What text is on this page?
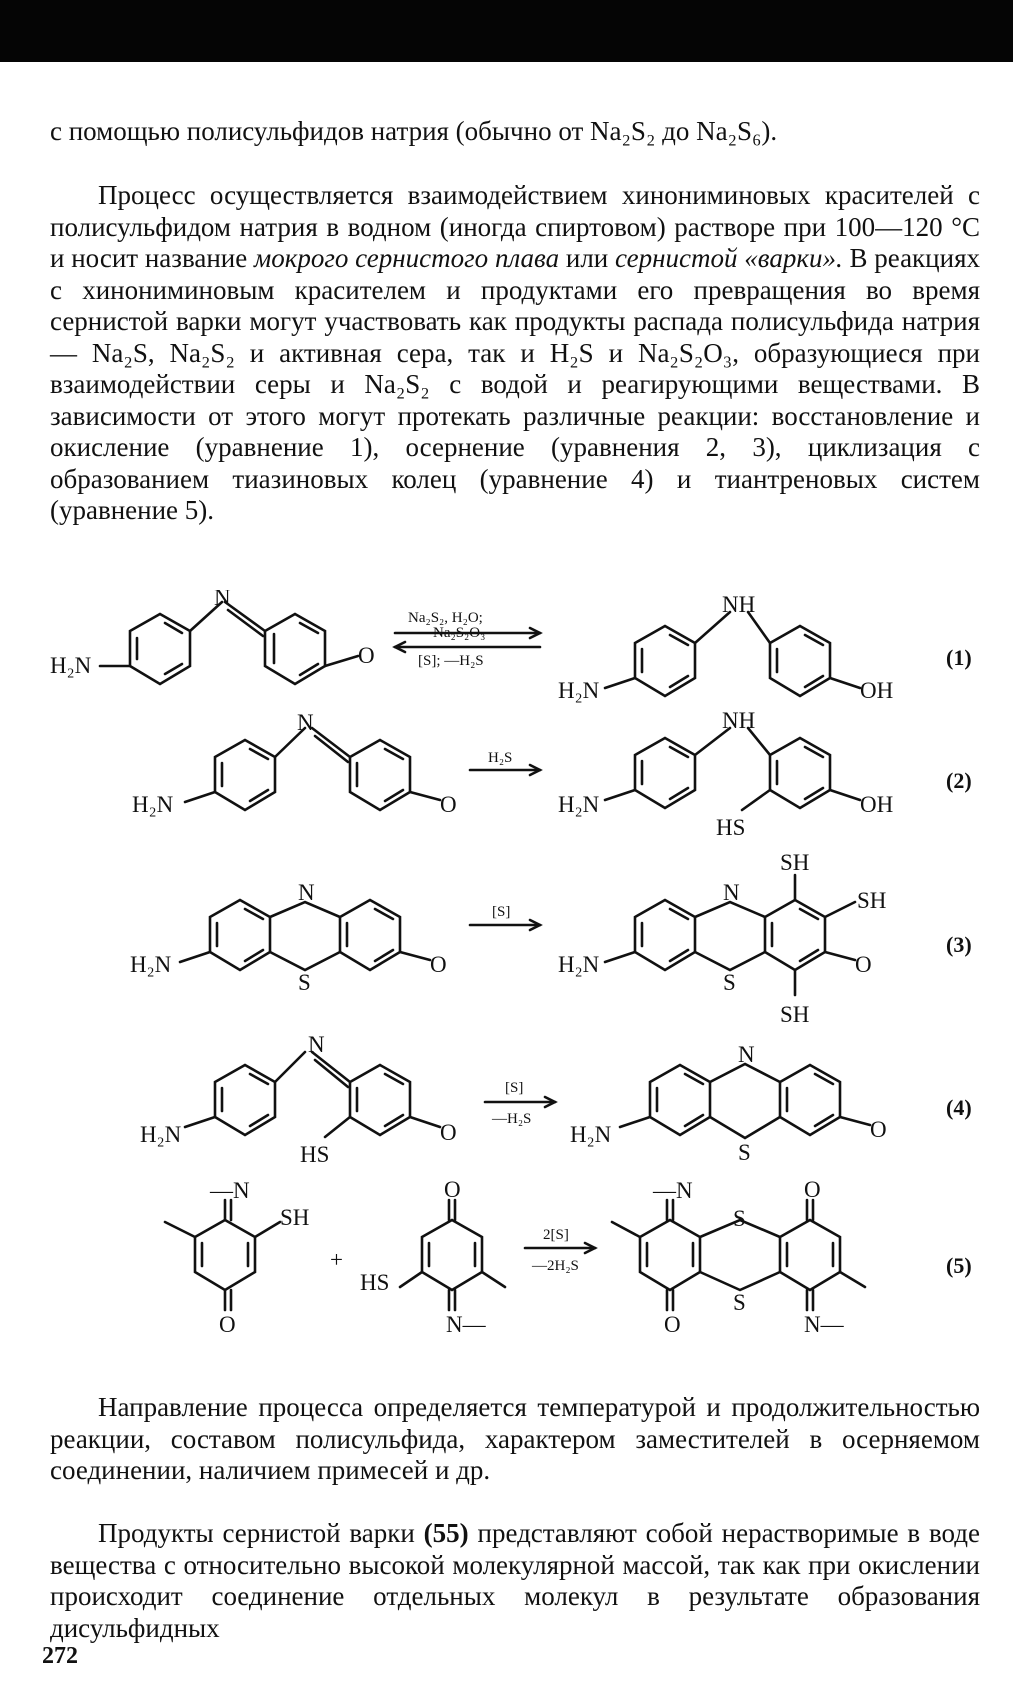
с помощью полисульфидов натрия (обычно от Na₂S₂ до Na₂S₆).

Процесс осуществляется взаимодействием хинониминовых красителей с полисульфидом натрия в водном (иногда спиртовом) растворе при 100—120 °C и носит название мокрого сернистого плава или сернистой «варки». В реакциях с хинониминовым красителем и продуктами его превращения во время сернистой варки могут участвовать как продукты распада полисульфида натрия — Na₂S, Na₂S₂ и активная сера, так и H₂S и Na₂S₂O₃, образующиеся при взаимодействии серы и Na₂S₂ с водой и реагирующими веществами. В зависимости от этого могут протекать различные реакции: восстановление и окисление (уравнение 1), осернение (уравнения 2, 3), циклизация с образованием тиазиновых колец (уравнение 4) и тиантреновых систем (уравнение 5).

N
O
H₂N
Na₂S₂, H₂O;
—Na₂S₂O₃
[S]; —H₂S
NH
OH
H₂N
(1)
N
O
H₂N
H₂S
NH
OH
H₂N
HS
(2)
N
S
O
H₂N
[S]
N
S
O
H₂N
SH
SH
SH
(3)
N
O
H₂N
HS
[S]
—H₂S
N
S
O
H₂N
(4)
—N
SH
O
+
O
HS
N—
2[S]
—2H₂S
—N
S
S
O
O
N—
(5)

Направление процесса определяется температурой и продолжительностью реакции, составом полисульфида, характером заместителей в осерняемом соединении, наличием примесей и др.

Продукты сернистой варки (55) представляют собой нерастворимые в воде вещества с относительно высокой молекулярной массой, так как при окислении происходит соединение отдельных молекул в результате образования дисульфидных

272
